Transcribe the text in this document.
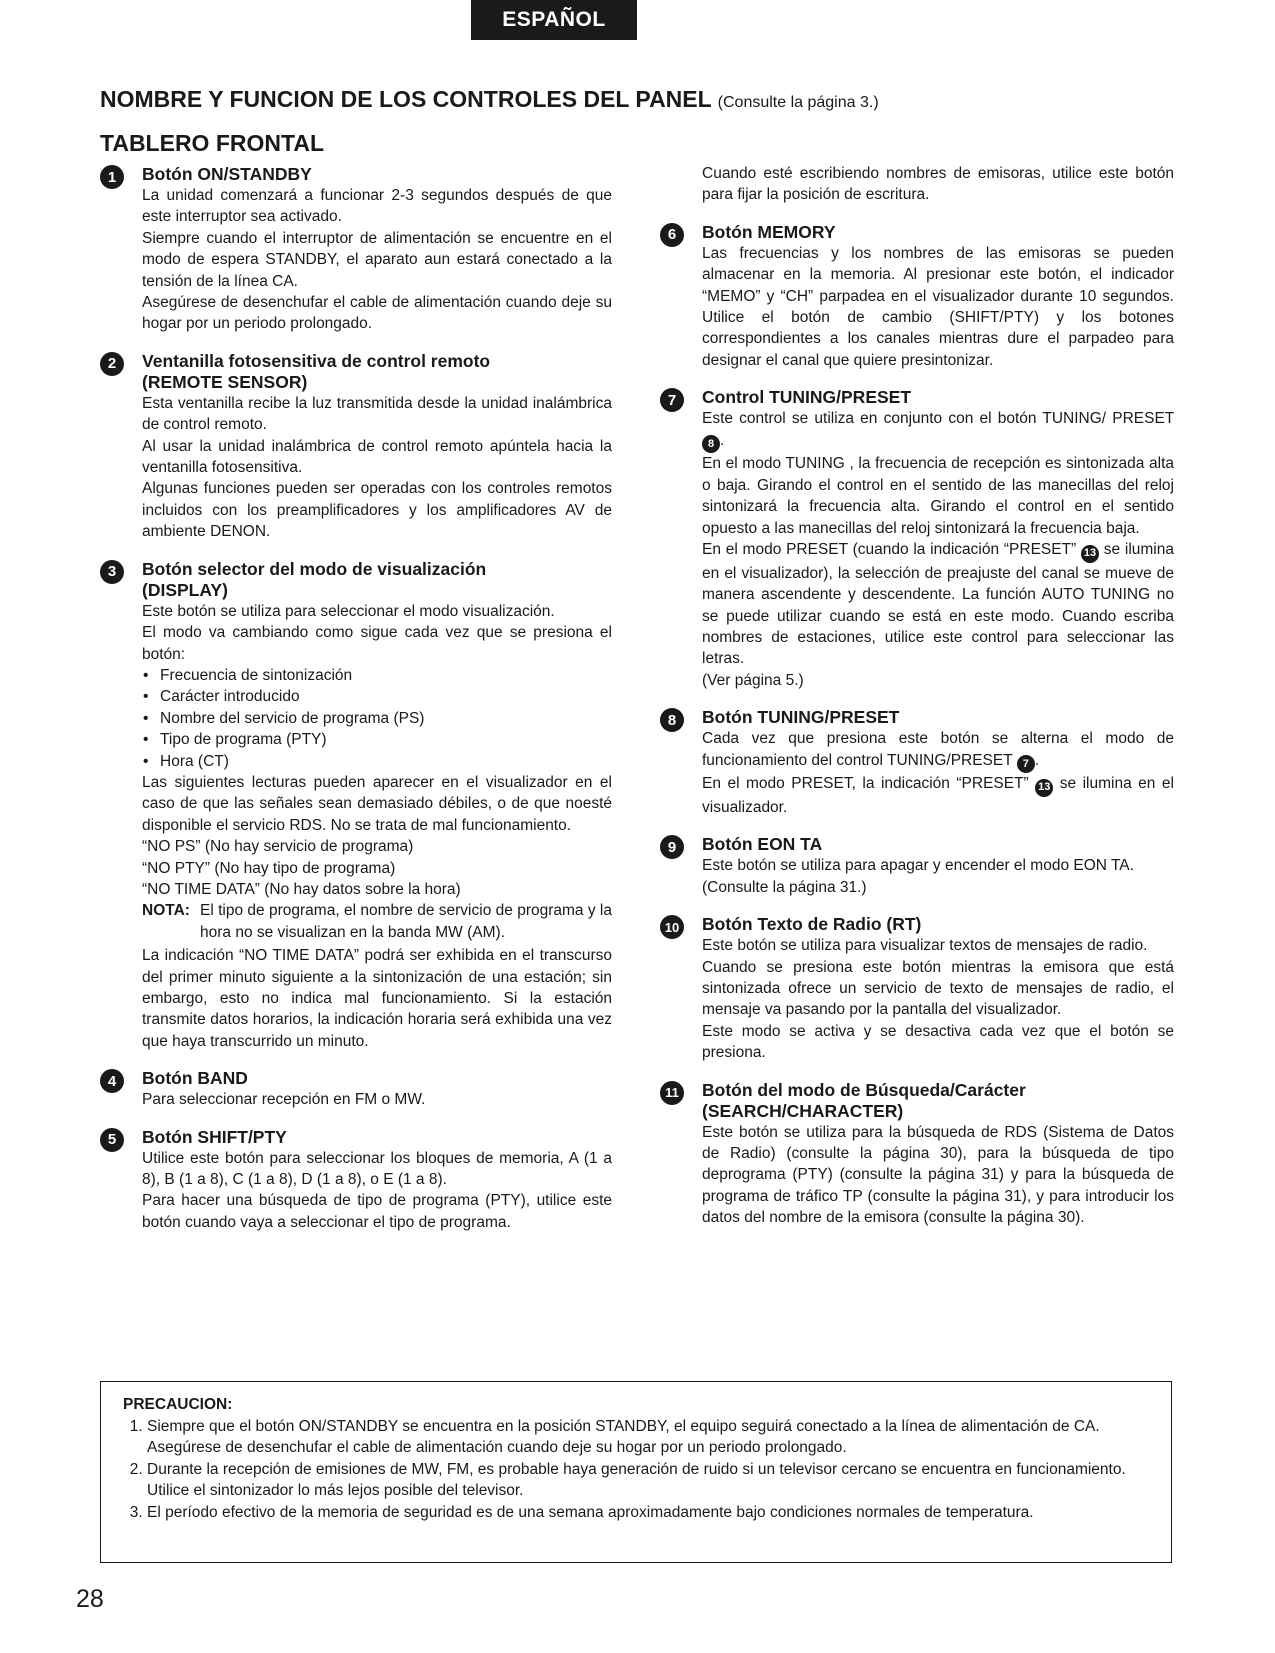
ESPAÑOL
NOMBRE Y FUNCION DE LOS CONTROLES DEL PANEL (Consulte la página 3.)
TABLERO FRONTAL
1	Botón ON/STANDBY

La unidad comenzará a funcionar 2-3 segundos después de que este interruptor sea activado.

Siempre cuando el interruptor de alimentación se encuentre en el modo de espera STANDBY, el aparato aun estará conectado a la tensión de la línea CA.

Asegúrese de desenchufar el cable de alimentación cuando deje su hogar por un periodo prolongado.

2	Ventanilla fotosensitiva de control remoto

(REMOTE SENSOR)

Esta ventanilla recibe la luz transmitida desde la unidad inalámbrica de control remoto.

Al usar la unidad inalámbrica de control remoto apúntela hacia la ventanilla fotosensitiva.

Algunas funciones pueden ser operadas con los controles remotos incluidos con los preamplificadores y los amplificadores AV de ambiente DENON.

3	Botón selector del modo de visualización

(DISPLAY)

Este botón se utiliza para seleccionar el modo visualización.

El modo va cambiando como sigue cada vez que se presiona el botón:

• Frecuencia de sintonización
• Carácter introducido
• Nombre del servicio de programa (PS)
• Tipo de programa (PTY)
• Hora (CT)

Las siguientes lecturas pueden aparecer en el visualizador en el caso de que las señales sean demasiado débiles, o de que noesté disponible el servicio RDS. No se trata de mal funcionamiento.

“NO PS” (No hay servicio de programa)

“NO PTY” (No hay tipo de programa)

“NO TIME DATA” (No hay datos sobre la hora)

NOTA: El tipo de programa, el nombre de servicio de programa y la hora no se visualizan en la banda MW (AM).

La indicación “NO TIME DATA” podrá ser exhibida en el transcurso del primer minuto siguiente a la sintonización de una estación; sin embargo, esto no indica mal funcionamiento. Si la estación transmite datos horarios, la indicación horaria será exhibida una vez que haya transcurrido un minuto.

4	Botón BAND

Para seleccionar recepción en FM o MW.

5	Botón SHIFT/PTY

Utilice este botón para seleccionar los bloques de memoria, A (1 a 8), B (1 a 8), C (1 a 8), D (1 a 8), o E (1 a 8).

Para hacer una búsqueda de tipo de programa (PTY), utilice este botón cuando vaya a seleccionar el tipo de programa.

Cuando esté escribiendo nombres de emisoras, utilice este botón para fijar la posición de escritura.

6	Botón MEMORY

Las frecuencias y los nombres de las emisoras se pueden almacenar en la memoria. Al presionar este botón, el indicador “MEMO” y “CH” parpadea en el visualizador durante 10 segundos. Utilice el botón de cambio (SHIFT/PTY) y los botones correspondientes a los canales mientras dure el parpadeo para designar el canal que quiere presintonizar.

7	Control TUNING/PRESET

Este control se utiliza en conjunto con el botón TUNING/ PRESET 8 .

En el modo TUNING , la frecuencia de recepción es sintonizada alta o baja. Girando el control en el sentido de las manecillas del reloj sintonizará la frecuencia alta. Girando el control en el sentido opuesto a las manecillas del reloj sintonizará la frecuencia baja.

En el modo PRESET (cuando la indicación “PRESET” 13 se ilumina en el visualizador), la selección de preajuste del canal se mueve de manera ascendente y descendente. La función AUTO TUNING no se puede utilizar cuando se está en este modo. Cuando escriba nombres de estaciones, utilice este control para seleccionar las letras.

(Ver página 5.)

8	Botón TUNING/PRESET

Cada vez que presiona este botón se alterna el modo de funcionamiento del control TUNING/PRESET 7 .

En el modo PRESET, la indicación “PRESET” 13 se ilumina en el visualizador.

9	Botón EON TA

Este botón se utiliza para apagar y encender el modo EON TA.

(Consulte la página 31.)

10 Botón Texto de Radio (RT)

Este botón se utiliza para visualizar textos de mensajes de radio.

Cuando se presiona este botón mientras la emisora que está sintonizada ofrece un servicio de texto de mensajes de radio, el mensaje va pasando por la pantalla del visualizador.

Este modo se activa y se desactiva cada vez que el botón se presiona.

11 Botón del modo de Búsqueda/Carácter

(SEARCH/CHARACTER)

Este botón se utiliza para la búsqueda de RDS (Sistema de Datos de Radio) (consulte la página 30), para la búsqueda de tipo deprograma (PTY) (consulte la página 31) y para la búsqueda de programa de tráfico TP (consulte la página 31), y para introducir los datos del nombre de la emisora (consulte la página 30).

PRECAUCION:

1. Siempre que el botón ON/STANDBY se encuentra en la posición STANDBY, el equipo seguirá conectado a la línea de alimentación de CA.

Asegúrese de desenchufar el cable de alimentación cuando deje su hogar por un periodo prolongado.

2. Durante la recepción de emisiones de MW, FM, es probable haya generación de ruido si un televisor cercano se encuentra en funcionamiento. Utilice el sintonizador lo más lejos posible del televisor.

3. El período efectivo de la memoria de seguridad es de una semana aproximadamente bajo condiciones normales de temperatura.

28
